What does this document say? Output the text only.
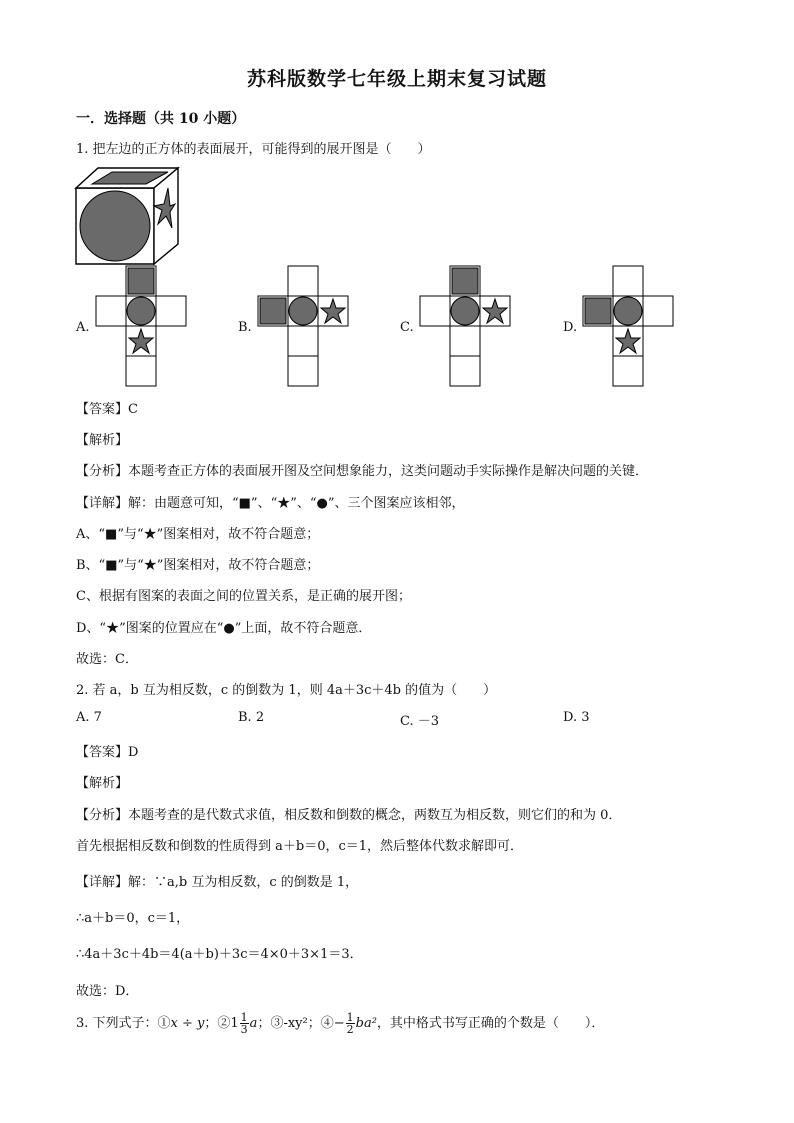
苏科版数学七年级上期末复习试题
一．选择题（共 10 小题）
1. 把左边的正方体的表面展开，可能得到的展开图是（　　）
A.	B.	C.	D.
【答案】C
【解析】
【分析】本题考查正方体的表面展开图及空间想象能力，这类问题动手实际操作是解决问题的关键．
【详解】解：由题意可知，“■”、“★”、“●”、三个图案应该相邻，
A、“■”与“★”图案相对，故不符合题意；
B、“■”与“★”图案相对，故不符合题意；
C、根据有图案的表面之间的位置关系，是正确的展开图；
D、“★”图案的位置应在“●”上面，故不符合题意．
故选：C．
2. 若 a，b 互为相反数，c 的倒数为 1，则 4a＋3c＋4b 的值为（　　）
A. 7	B. 2	C. －3	D. 3
【答案】D
【解析】
【分析】本题考查的是代数式求值，相反数和倒数的概念，两数互为相反数，则它们的和为 0．
首先根据相反数和倒数的性质得到 a＋b＝0，c＝1，然后整体代数求解即可．
【详解】解：∵a,b 互为相反数，c 的倒数是 1，
∴a＋b＝0，c＝1，
∴4a＋3c＋4b＝4(a＋b)＋3c＝4×0＋3×1＝3．
故选：D．
3. 下列式子：①x ÷ y；②1 $\frac{1}{3}$ a；③-xy²；④− $\frac{1}{2} ba^2$，其中格式书写正确的个数是（　　）．
